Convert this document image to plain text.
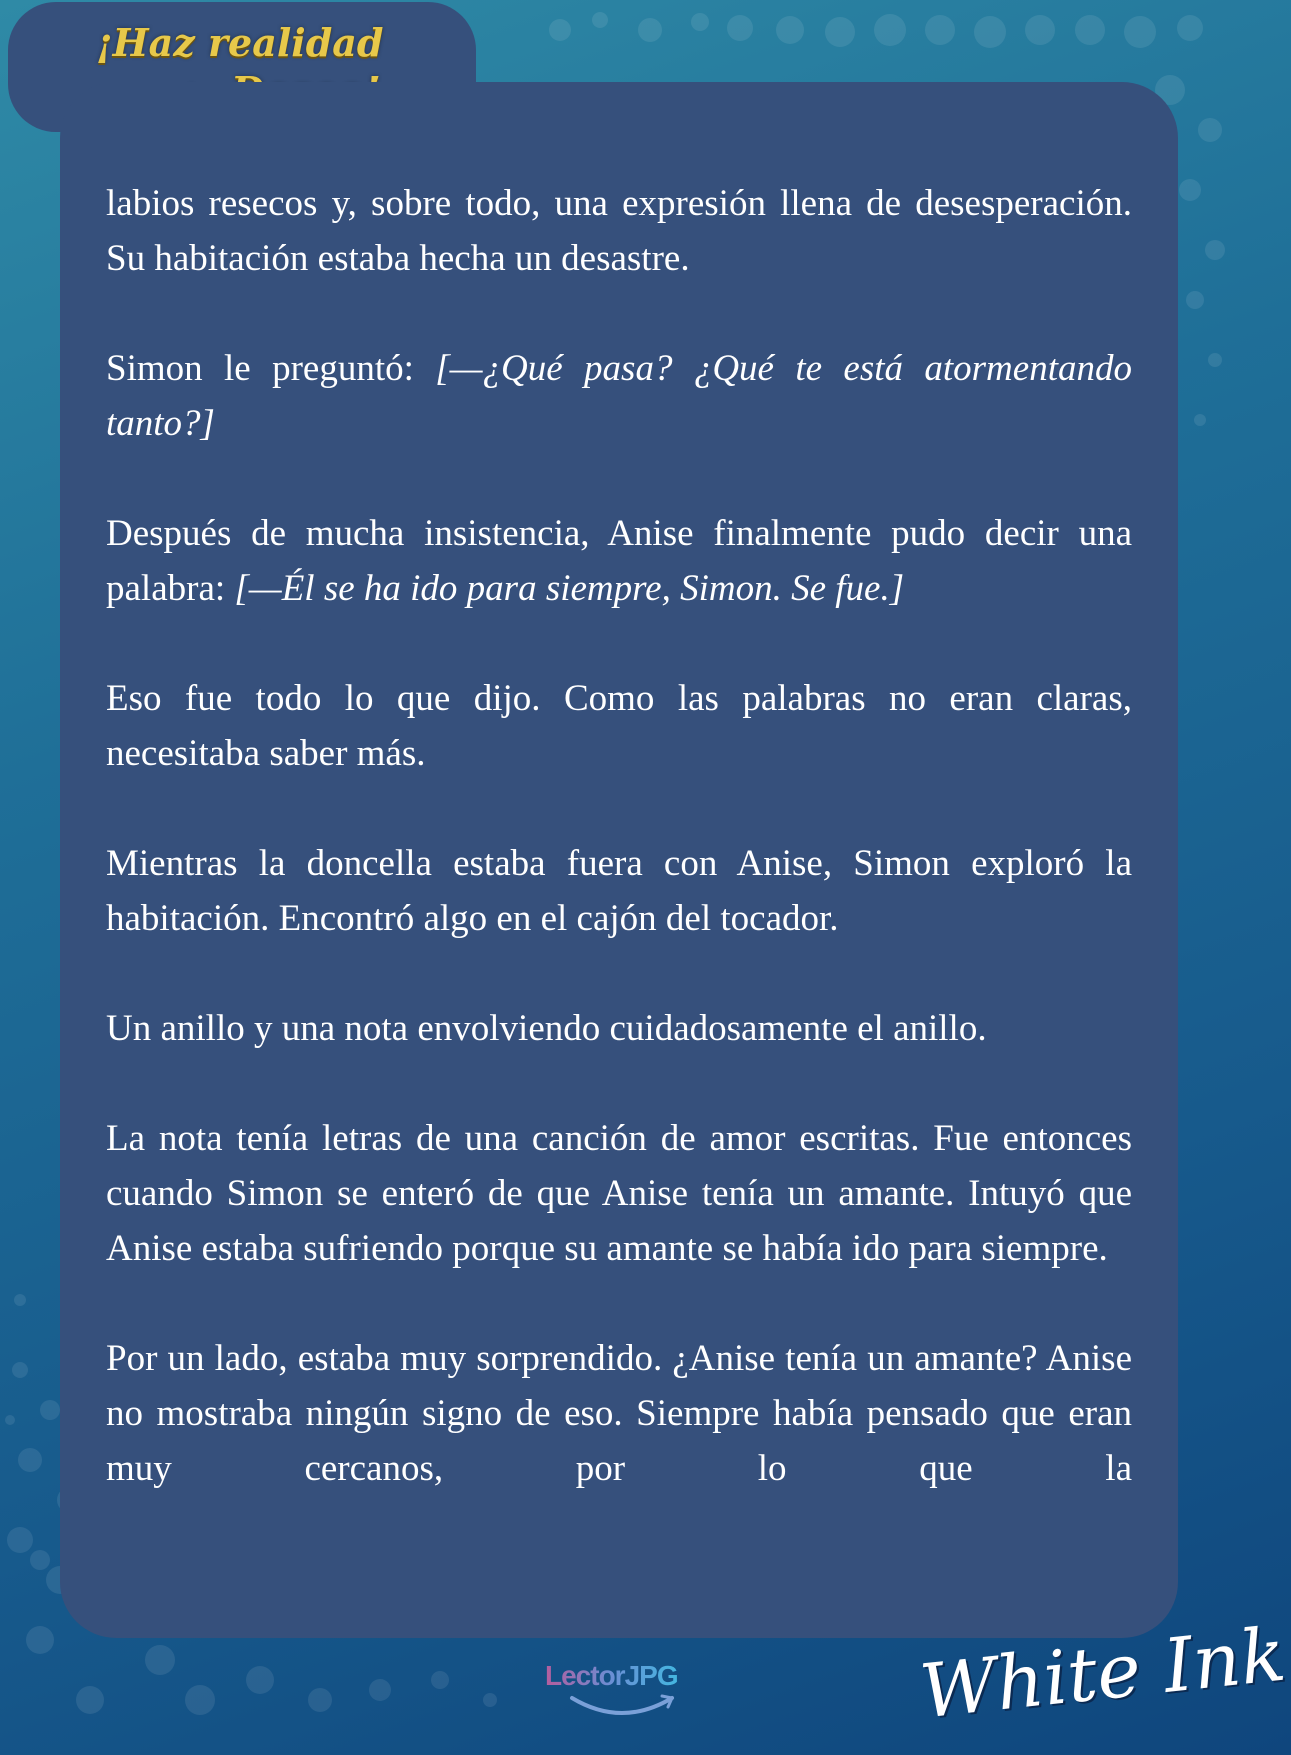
¡Haz realidad

labios resecos y, sobre todo, una expresión llena de desesperación. Su habitación estaba hecha un desastre.

Simon le preguntó: [—¿Qué pasa? ¿Qué te está atormentando tanto?]

Después de mucha insistencia, Anise finalmente pudo decir una palabra: [—Él se ha ido para siempre, Simon. Se fue.]

Eso fue todo lo que dijo. Como las palabras no eran claras, necesitaba saber más.

Mientras la doncella estaba fuera con Anise, Simon exploró la habitación. Encontró algo en el cajón del tocador.

Un anillo y una nota envolviendo cuidadosamente el anillo.

La nota tenía letras de una canción de amor escritas. Fue entonces cuando Simon se enteró de que Anise tenía un amante. Intuyó que Anise estaba sufriendo porque su amante se había ido para siempre.

Por un lado, estaba muy sorprendido. ¿Anise tenía un amante? Anise no mostraba ningún signo de eso. Siempre había pensado que eran muy cercanos, por lo que la

LectorJPG	White Ink
